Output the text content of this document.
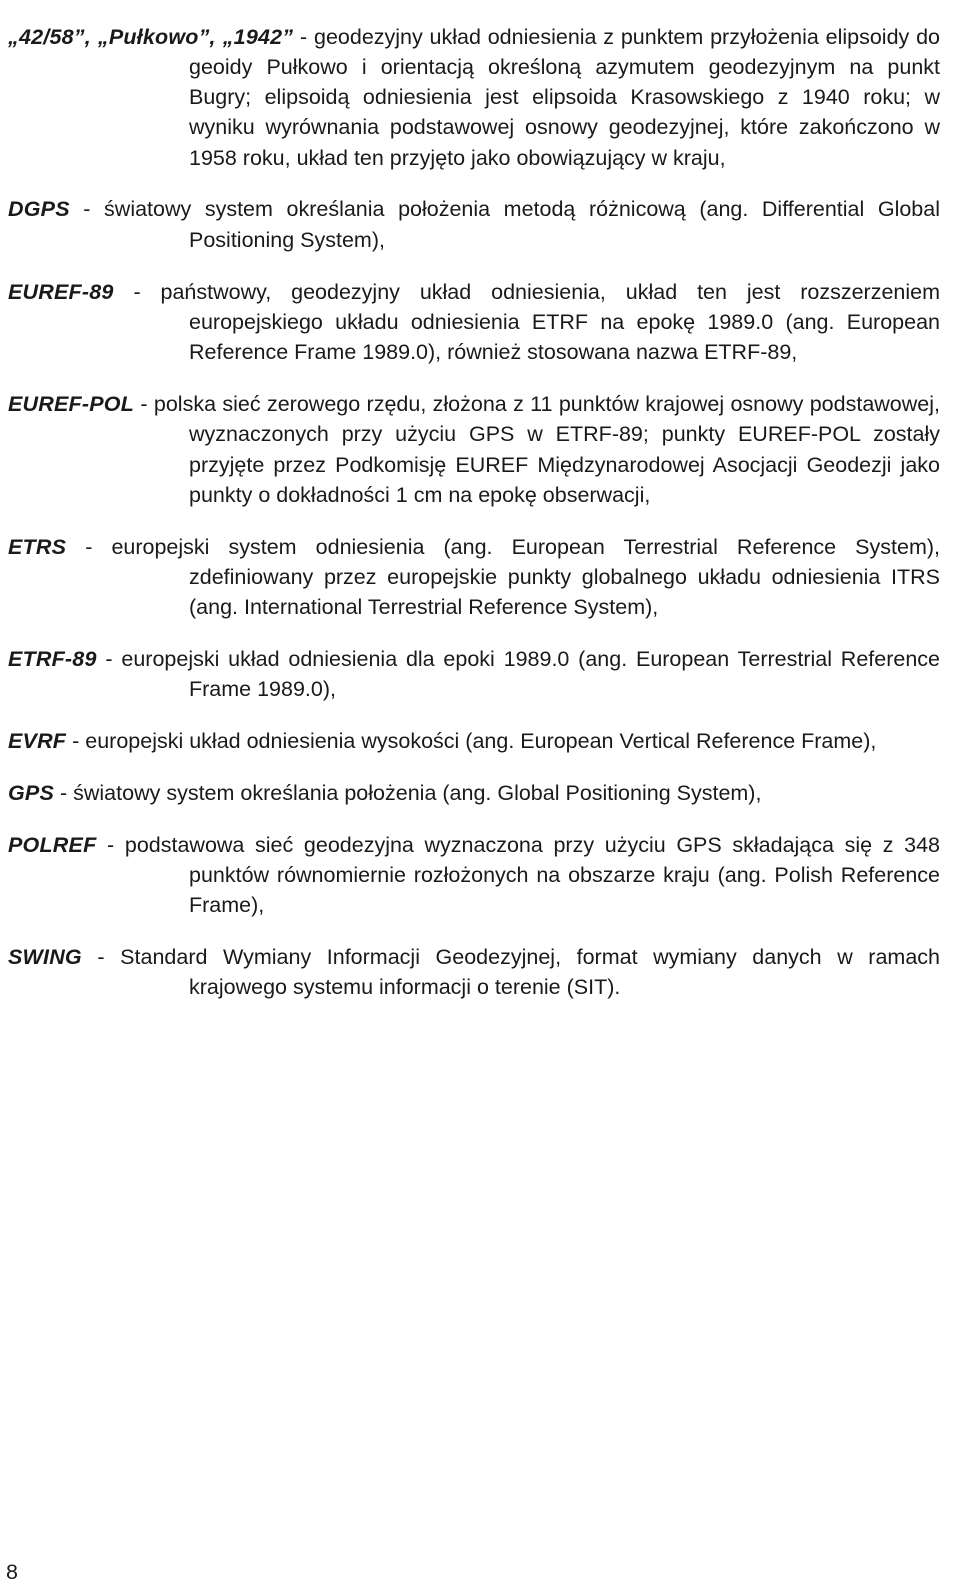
„42/58”, „Pułkowo”, „1942” - geodezyjny układ odniesienia z punktem przyłożenia elipsoidy do geoidy Pułkowo i orientacją określoną azymutem geodezyjnym na punkt Bugry; elipsoidą odniesienia jest elipsoida Krasowskiego z 1940 roku; w wyniku wyrównania podstawowej osnowy geodezyjnej, które zakończono w 1958 roku, układ ten przyjęto jako obowiązujący w kraju,

DGPS - światowy system określania położenia metodą różnicową (ang. Differential Global Positioning System),

EUREF-89 - państwowy, geodezyjny układ odniesienia, układ ten jest rozszerzeniem europejskiego układu odniesienia ETRF na epokę 1989.0 (ang. European Reference Frame 1989.0), również stosowana nazwa ETRF-89,

EUREF-POL - polska sieć zerowego rzędu, złożona z 11 punktów krajowej osnowy podstawowej, wyznaczonych przy użyciu GPS w ETRF-89; punkty EUREF-POL zostały przyjęte przez Podkomisję EUREF Międzynarodowej Asocjacji Geodezji jako punkty o dokładności 1 cm na epokę obserwacji,

ETRS - europejski system odniesienia (ang. European Terrestrial Reference System), zdefiniowany przez europejskie punkty globalnego układu odniesienia ITRS (ang. International Terrestrial Reference System),

ETRF-89 - europejski układ odniesienia dla epoki 1989.0 (ang. European Terrestrial Reference Frame 1989.0),

EVRF - europejski układ odniesienia wysokości (ang. European Vertical Reference Frame),

GPS - światowy system określania położenia (ang. Global Positioning System),

POLREF - podstawowa sieć geodezyjna wyznaczona przy użyciu GPS składająca się z 348 punktów równomiernie rozłożonych na obszarze kraju (ang. Polish Reference Frame),

SWING - Standard Wymiany Informacji Geodezyjnej, format wymiany danych w ramach krajowego systemu informacji o terenie (SIT).

8
